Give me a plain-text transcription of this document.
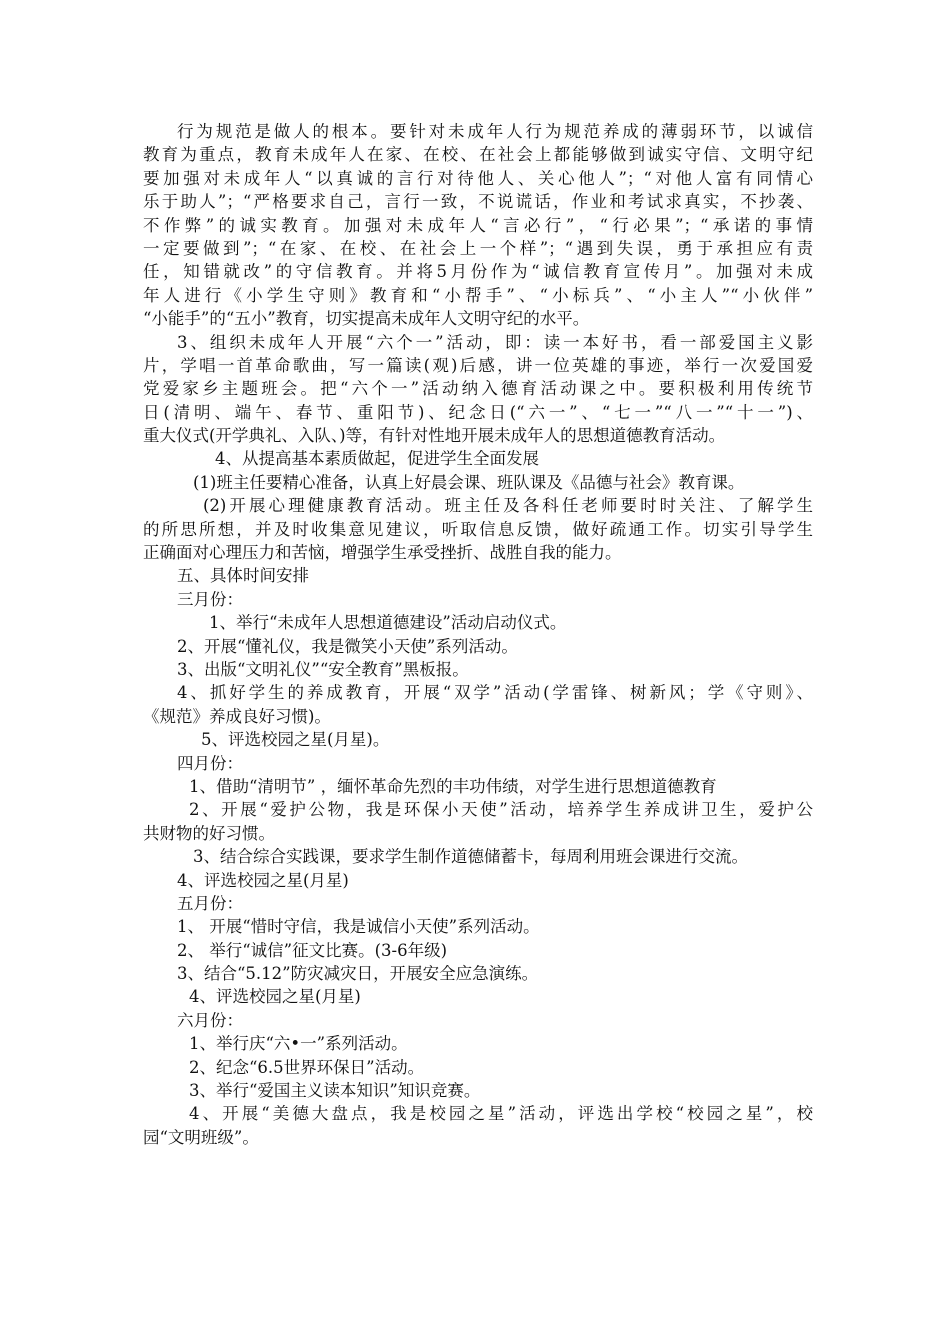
行为规范是做人的根本。要针对未成年人行为规范养成的薄弱环节，以诚信
教育为重点，教育未成年人在家、在校、在社会上都能够做到诚实守信、文明守纪
要加强对未成年人“以真诚的言行对待他人、关心他人”；“对他人富有同情心
乐于助人”；“严格要求自己，言行一致，不说谎话，作业和考试求真实，不抄袭、
不作弊”的诚实教育。加强对未成年人“言必行”，“行必果”；“承诺的事情
一定要做到”；“在家、在校、在社会上一个样”；“遇到失误，勇于承担应有责
任，知错就改”的守信教育。并将5月份作为“诚信教育宣传月”。加强对未成
年人进行《小学生守则》教育和“小帮手”、“小标兵”、“小主人”“小伙伴”
“小能手”的“五小”教育，切实提高未成年人文明守纪的水平。
3、组织未成年人开展“六个一”活动，即：读一本好书，看一部爱国主义影
片，学唱一首革命歌曲，写一篇读(观)后感，讲一位英雄的事迹，举行一次爱国爱
党爱家乡主题班会。把“六个一”活动纳入德育活动课之中。要积极利用传统节
日(清明、端午、春节、重阳节)、纪念日(“六一”、“七一”“八一”“十一”)、
重大仪式(开学典礼、入队、)等，有针对性地开展未成年人的思想道德教育活动。
4、从提高基本素质做起，促进学生全面发展
(1)班主任要精心准备，认真上好晨会课、班队课及《品德与社会》教育课。
(2)开展心理健康教育活动。班主任及各科任老师要时时关注、了解学生
的所思所想，并及时收集意见建议，听取信息反馈，做好疏通工作。切实引导学生
正确面对心理压力和苦恼，增强学生承受挫折、战胜自我的能力。
五、具体时间安排
三月份：
1、举行“未成年人思想道德建设”活动启动仪式。
2、开展“懂礼仪，我是微笑小天使”系列活动。
3、出版“文明礼仪”“安全教育”黑板报。
4、抓好学生的养成教育，开展“双学”活动(学雷锋、树新风；学《守则》、
《规范》养成良好习惯)。
5、评选校园之星(月星)。
四月份：
1、借助“清明节” ，缅怀革命先烈的丰功伟绩，对学生进行思想道德教育
2、开展“爱护公物，我是环保小天使”活动，培养学生养成讲卫生，爱护公
共财物的好习惯。
3、结合综合实践课，要求学生制作道德储蓄卡，每周利用班会课进行交流。
4、评选校园之星(月星)
五月份：
1、 开展“惜时守信，我是诚信小天使”系列活动。
2、 举行“诚信”征文比赛。(3-6年级)
3、结合“5.12”防灾减灾日，开展安全应急演练。
4、评选校园之星(月星)
六月份：
1、举行庆“六•一”系列活动。
2、纪念“6.5世界环保日”活动。
3、举行“爱国主义读本知识”知识竞赛。
4、开展“美德大盘点，我是校园之星”活动，评选出学校“校园之星”，校
园“文明班级”。
